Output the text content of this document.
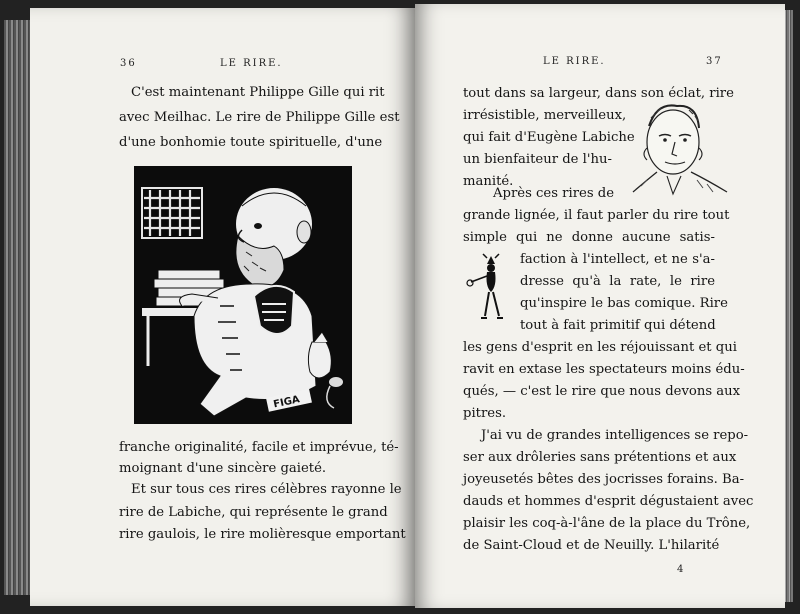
36	LE RIRE.
C'est maintenant Philippe Gille qui rit
avec Meilhac. Le rire de Philippe Gille est
d'une bonhomie toute spirituelle, d'une
FIGA
franche originalité, facile et imprévue, té-
moignant d'une sincère gaieté.
Et sur tous ces rires célèbres rayonne le
rire de Labiche, qui représente le grand
rire gaulois, le rire molièresque emportant
LE RIRE.	37
tout dans sa largeur, dans son éclat, rire
irrésistible, merveilleux,
qui fait d'Eugène Labiche
un bienfaiteur de l'hu-
manité.
Après ces rires de
grande lignée, il faut parler du rire tout
simple qui ne donne aucune satis-
faction à l'intellect, et ne s'a-
dresse qu'à la rate, le rire
qu'inspire le bas comique. Rire
tout à fait primitif qui détend
les gens d'esprit en les réjouissant et qui
ravit en extase les spectateurs moins édu-
qués, — c'est le rire que nous devons aux
pitres.
J'ai vu de grandes intelligences se repo-
ser aux drôleries sans prétentions et aux
joyeusetés bêtes des jocrisses forains. Ba-
dauds et hommes d'esprit dégustaient avec
plaisir les coq-à-l'âne de la place du Trône,
de Saint-Cloud et de Neuilly. L'hilarité
4
